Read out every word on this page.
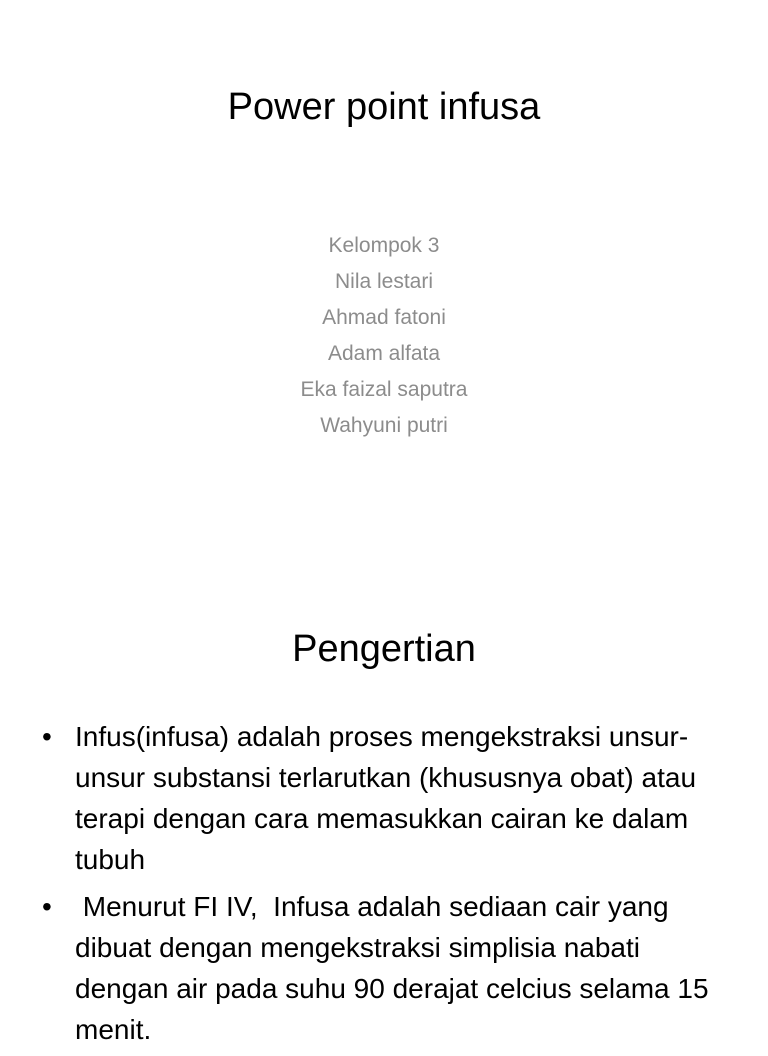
Power point infusa
Kelompok 3
Nila lestari
Ahmad fatoni
Adam alfata
Eka faizal saputra
Wahyuni putri
Pengertian
• Infus(infusa) adalah proses mengekstraksi unsur-unsur substansi terlarutkan (khususnya obat) atau terapi dengan cara memasukkan cairan ke dalam tubuh
• Menurut FI IV,  Infusa adalah sediaan cair yang dibuat dengan mengekstraksi simplisia nabati dengan air pada suhu 90 derajat celcius selama 15 menit.
